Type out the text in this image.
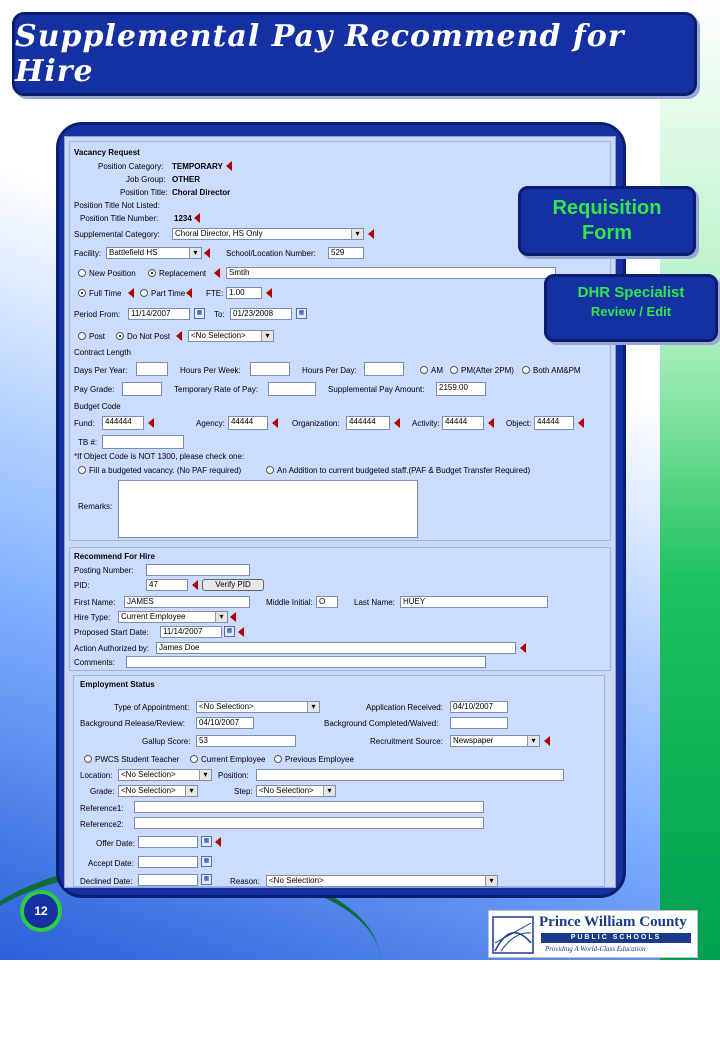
Supplemental Pay Recommend for Hire
Vacancy Request
Position Category: TEMPORARY
Job Group: OTHER
Position Title: Choral Director
Position Title Not Listed:
Position Title Number: 1234
Supplemental Category:	Choral Director, HS Only ▾
Facility: Battlefield HS ▾	School/Location Number:	529
New Position	Replacement	Smtih
Full Time	Part Time	FTE: 1.00
Period From:	11/14/2007	▦	To:	01/23/2008	▦
Post	Do Not Post	<No Selection> ▾
Contract Length
Days Per Year:	Hours Per Week:	Hours Per Day:	AM PM(After 2PM) Both AM&PM
Pay Grade:	Temporary Rate of Pay:	Supplemental Pay Amount:	2159.00
Budget Code
Fund:	444444	Agency: 44444	Organization:	444444	Activity: 44444	Object: 44444
TB #:
*If Object Code is NOT 1300, please check one:
Fill a budgeted vacancy. (No PAF required)	An Addition to current budgeted staff.(PAF & Budget Transfer Required)
Remarks:
Recommend For Hire
Posting Number:
PID:	47	Verify PID
First Name:	JAMES	Middle Initial: O	Last Name:	HUEY
Hire Type:	Current Employee ▾
Proposed Start Date:	11/14/2007	▦
Action Authorized by:	James Doe
Comments:
Employment Status
Type of Appointment:	<No Selection> ▾	Application Received:	04/10/2007
Background Release/Review:	04/10/2007	Background Completed/Waived:
Gallup Score:	53	Recruitment Source:	Newspaper ▾
PWCS Student Teacher	Current Employee Previous Employee
Location:	<No Selection> ▾	Position:
Grade: <No Selection> ▾	Step: <No Selection> ▾
Reference1:
Reference2:
Offer Date:	▦
Accept Date:	▦
Declined Date:	▦	Reason:	<No Selection> ▾
Requisition
Form
DHR Specialist
Review / Edit
12
Prince William County
PUBLIC SCHOOLS
Providing A World-Class Education
